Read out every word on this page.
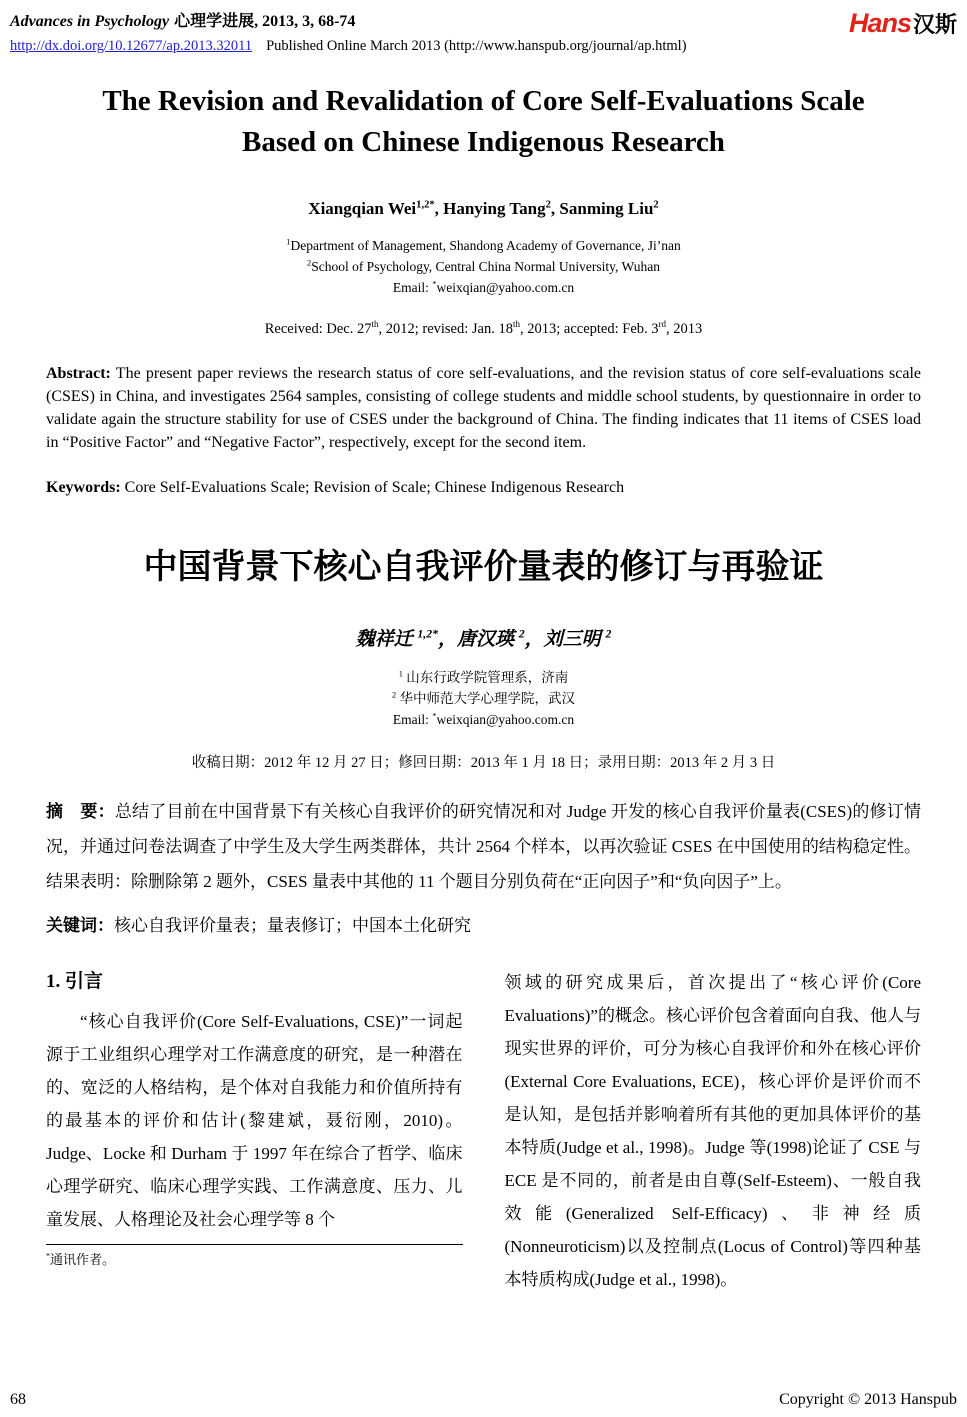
Advances in Psychology 心理学进展, 2013, 3, 68-74
http://dx.doi.org/10.12677/ap.2013.32011 Published Online March 2013 (http://www.hanspub.org/journal/ap.html)
Hans汉斯
The Revision and Revalidation of Core Self-Evaluations Scale Based on Chinese Indigenous Research
Xiangqian Wei$^{1,2*}$, Hanying Tang$^2$, Sanming Liu$^2$
$^1$Department of Management, Shandong Academy of Governance, Ji’nan
$^2$School of Psychology, Central China Normal University, Wuhan
Email: *weixqian@yahoo.com.cn
Received: Dec. 27th, 2012; revised: Jan. 18th, 2013; accepted: Feb. 3rd, 2013

Abstract: The present paper reviews the research status of core self-evaluations, and the revision status of core self-evaluations scale (CSES) in China, and investigates 2564 samples, consisting of college students and middle school students, by questionnaire in order to validate again the structure stability for use of CSES under the background of China. The finding indicates that 11 items of CSES load in “Positive Factor” and “Negative Factor”, respectively, except for the second item.

Keywords: Core Self-Evaluations Scale; Revision of Scale; Chinese Indigenous Research

中国背景下核心自我评价量表的修订与再验证
魏祥迁 $^{1,2*}$，唐汉瑛 $^2$，刘三明 $^2$
$^1$ 山东行政学院管理系，济南
$^2$ 华中师范大学心理学院，武汉
Email: *weixqian@yahoo.com.cn
收稿日期：2012 年 12 月 27 日；修回日期：2013 年 1 月 18 日；录用日期：2013 年 2 月 3 日

摘　要：总结了目前在中国背景下有关核心自我评价的研究情况和对 Judge 开发的核心自我评价量表(CSES)的修订情况，并通过问卷法调查了中学生及大学生两类群体，共计 2564 个样本，以再次验证 CSES 在中国使用的结构稳定性。结果表明：除删除第 2 题外，CSES 量表中其他的 11 个题目分别负荷在“正向因子”和“负向因子”上。

关键词：核心自我评价量表；量表修订；中国本土化研究

1. 引言

“核心自我评价(Core Self-Evaluations, CSE)”一词起源于工业组织心理学对工作满意度的研究，是一种潜在的、宽泛的人格结构，是个体对自我能力和价值所持有的最基本的评价和估计(黎建斌，聂衍刚，2010)。Judge、Locke 和 Durham 于 1997 年在综合了哲学、临床心理学研究、临床心理学实践、工作满意度、压力、儿童发展、人格理论及社会心理学等 8 个

*通讯作者。

领域的研究成果后，首次提出了“核心评价(Core Evaluations)”的概念。核心评价包含着面向自我、他人与现实世界的评价，可分为核心自我评价和外在核心评价(External Core Evaluations, ECE)，核心评价是评价而不是认知，是包括并影响着所有其他的更加具体评价的基本特质(Judge et al., 1998)。Judge 等(1998)论证了 CSE 与 ECE 是不同的，前者是由自尊(Self-Esteem)、一般自我效能(Generalized Self-Efficacy)、非神经质(Nonneuroticism)以及控制点(Locus of Control)等四种基本特质构成(Judge et al., 1998)。

68	Copyright © 2013 Hanspub
